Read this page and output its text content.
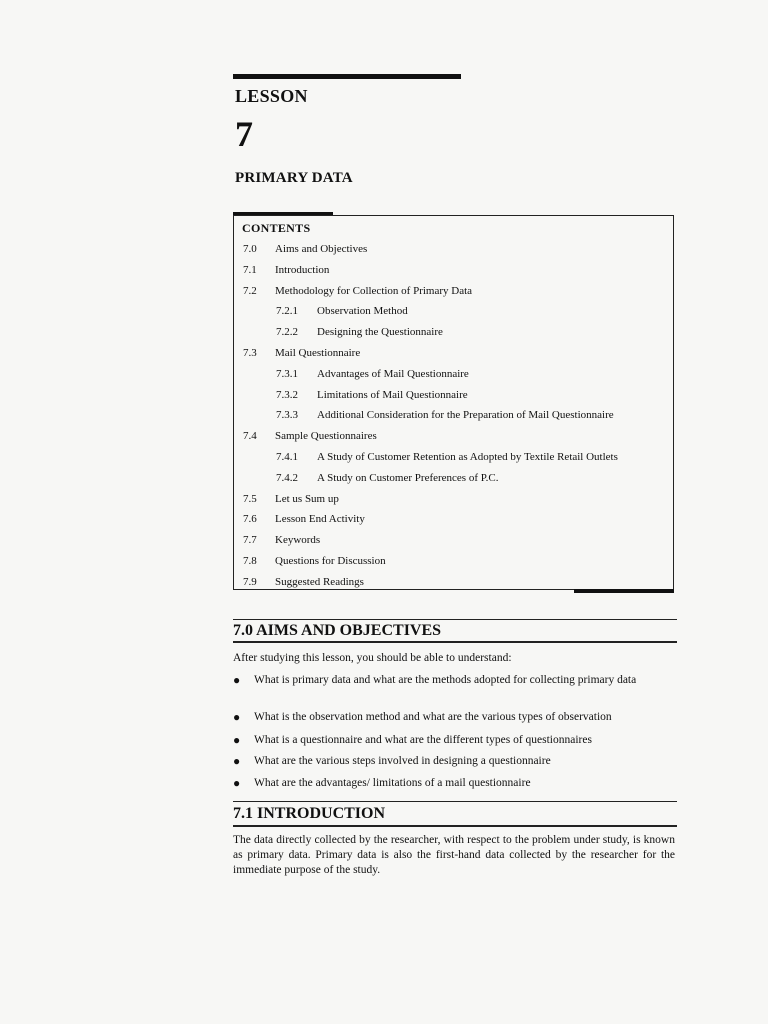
LESSON
7
PRIMARY DATA
CONTENTS
7.0 Aims and Objectives
7.1 Introduction
7.2 Methodology for Collection of Primary Data
7.2.1 Observation Method
7.2.2 Designing the Questionnaire
7.3 Mail Questionnaire
7.3.1 Advantages of Mail Questionnaire
7.3.2 Limitations of Mail Questionnaire
7.3.3 Additional Consideration for the Preparation of Mail Questionnaire
7.4 Sample Questionnaires
7.4.1 A Study of Customer Retention as Adopted by Textile Retail Outlets
7.4.2 A Study on Customer Preferences of P.C.
7.5 Let us Sum up
7.6 Lesson End Activity
7.7 Keywords
7.8 Questions for Discussion
7.9 Suggested Readings
7.0 AIMS AND OBJECTIVES
After studying this lesson, you should be able to understand:
● What is primary data and what are the methods adopted for collecting primary data
● What is the observation method and what are the various types of observation
● What is a questionnaire and what are the different types of questionnaires
● What are the various steps involved in designing a questionnaire
● What are the advantages/ limitations of a mail questionnaire
7.1 INTRODUCTION
The data directly collected by the researcher, with respect to the problem under study, is known as primary data. Primary data is also the first-hand data collected by the researcher for the immediate purpose of the study.
